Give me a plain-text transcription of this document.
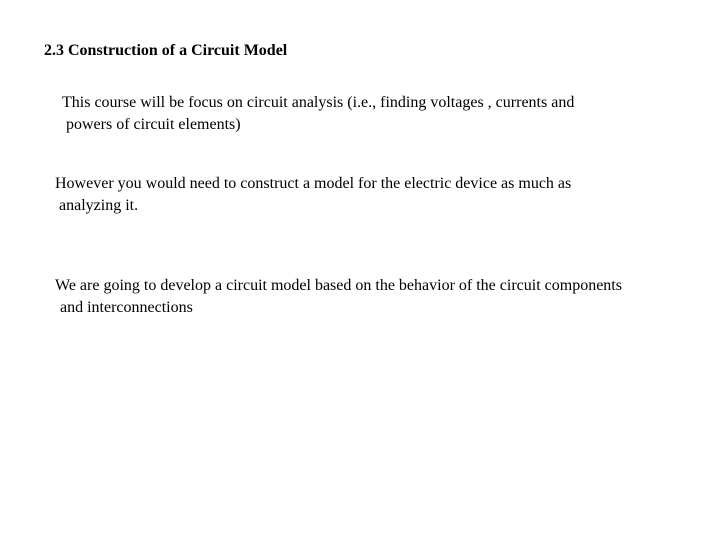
2.3 Construction of a Circuit Model
This course will be focus on circuit analysis (i.e., finding voltages , currents and
powers of circuit elements)
However you would need to construct a model for the electric device as much as
analyzing it.
We are going to develop a circuit model based on the behavior of the circuit components
and interconnections
